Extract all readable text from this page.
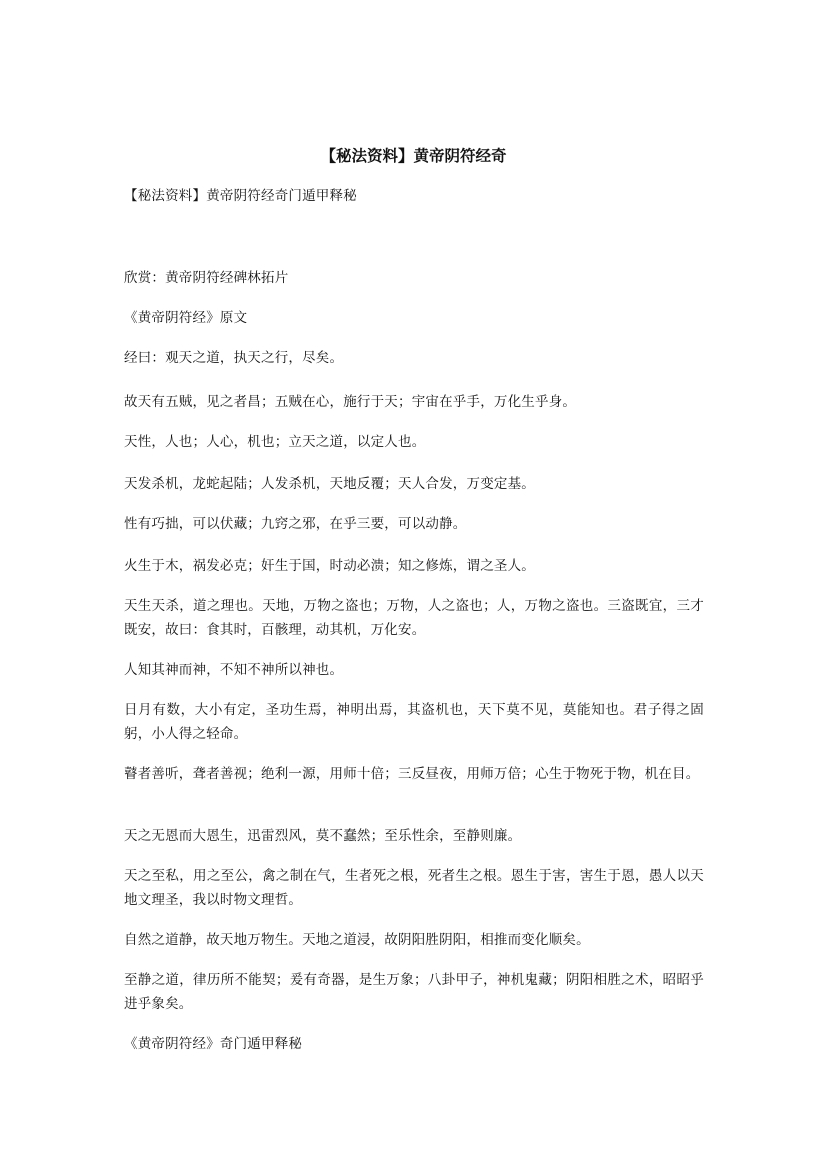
【秘法资料】黄帝阴符经奇

【秘法资料】黄帝阴符经奇门遁甲释秘

欣赏：黄帝阴符经碑林拓片

《黄帝阴符经》原文

经曰：观天之道，执天之行，尽矣。

故天有五贼，见之者昌；五贼在心，施行于天；宇宙在乎手，万化生乎身。

天性，人也；人心，机也；立天之道，以定人也。

天发杀机，龙蛇起陆；人发杀机，天地反覆；天人合发，万变定基。

性有巧拙，可以伏藏；九窍之邪，在乎三要，可以动静。

火生于木，祸发必克；奸生于国，时动必溃；知之修炼，谓之圣人。

天生天杀，道之理也。天地，万物之盗也；万物，人之盗也；人，万物之盗也。三盗既宜，三才既安，故曰：食其时，百骸理，动其机，万化安。

人知其神而神，不知不神所以神也。

日月有数，大小有定，圣功生焉，神明出焉，其盗机也，天下莫不见，莫能知也。君子得之固躬，小人得之轻命。

瞽者善听，聋者善视；绝利一源，用师十倍；三反昼夜，用师万倍；心生于物死于物，机在目。

天之无恩而大恩生，迅雷烈风，莫不蠢然；至乐性余，至静则廉。

天之至私，用之至公，禽之制在气，生者死之根，死者生之根。恩生于害，害生于恩，愚人以天地文理圣，我以时物文理哲。

自然之道静，故天地万物生。天地之道浸，故阴阳胜阴阳，相推而变化顺矣。

至静之道，律历所不能契；爰有奇器，是生万象；八卦甲子，神机鬼藏；阴阳相胜之术，昭昭乎进乎象矣。

《黄帝阴符经》奇门遁甲释秘
